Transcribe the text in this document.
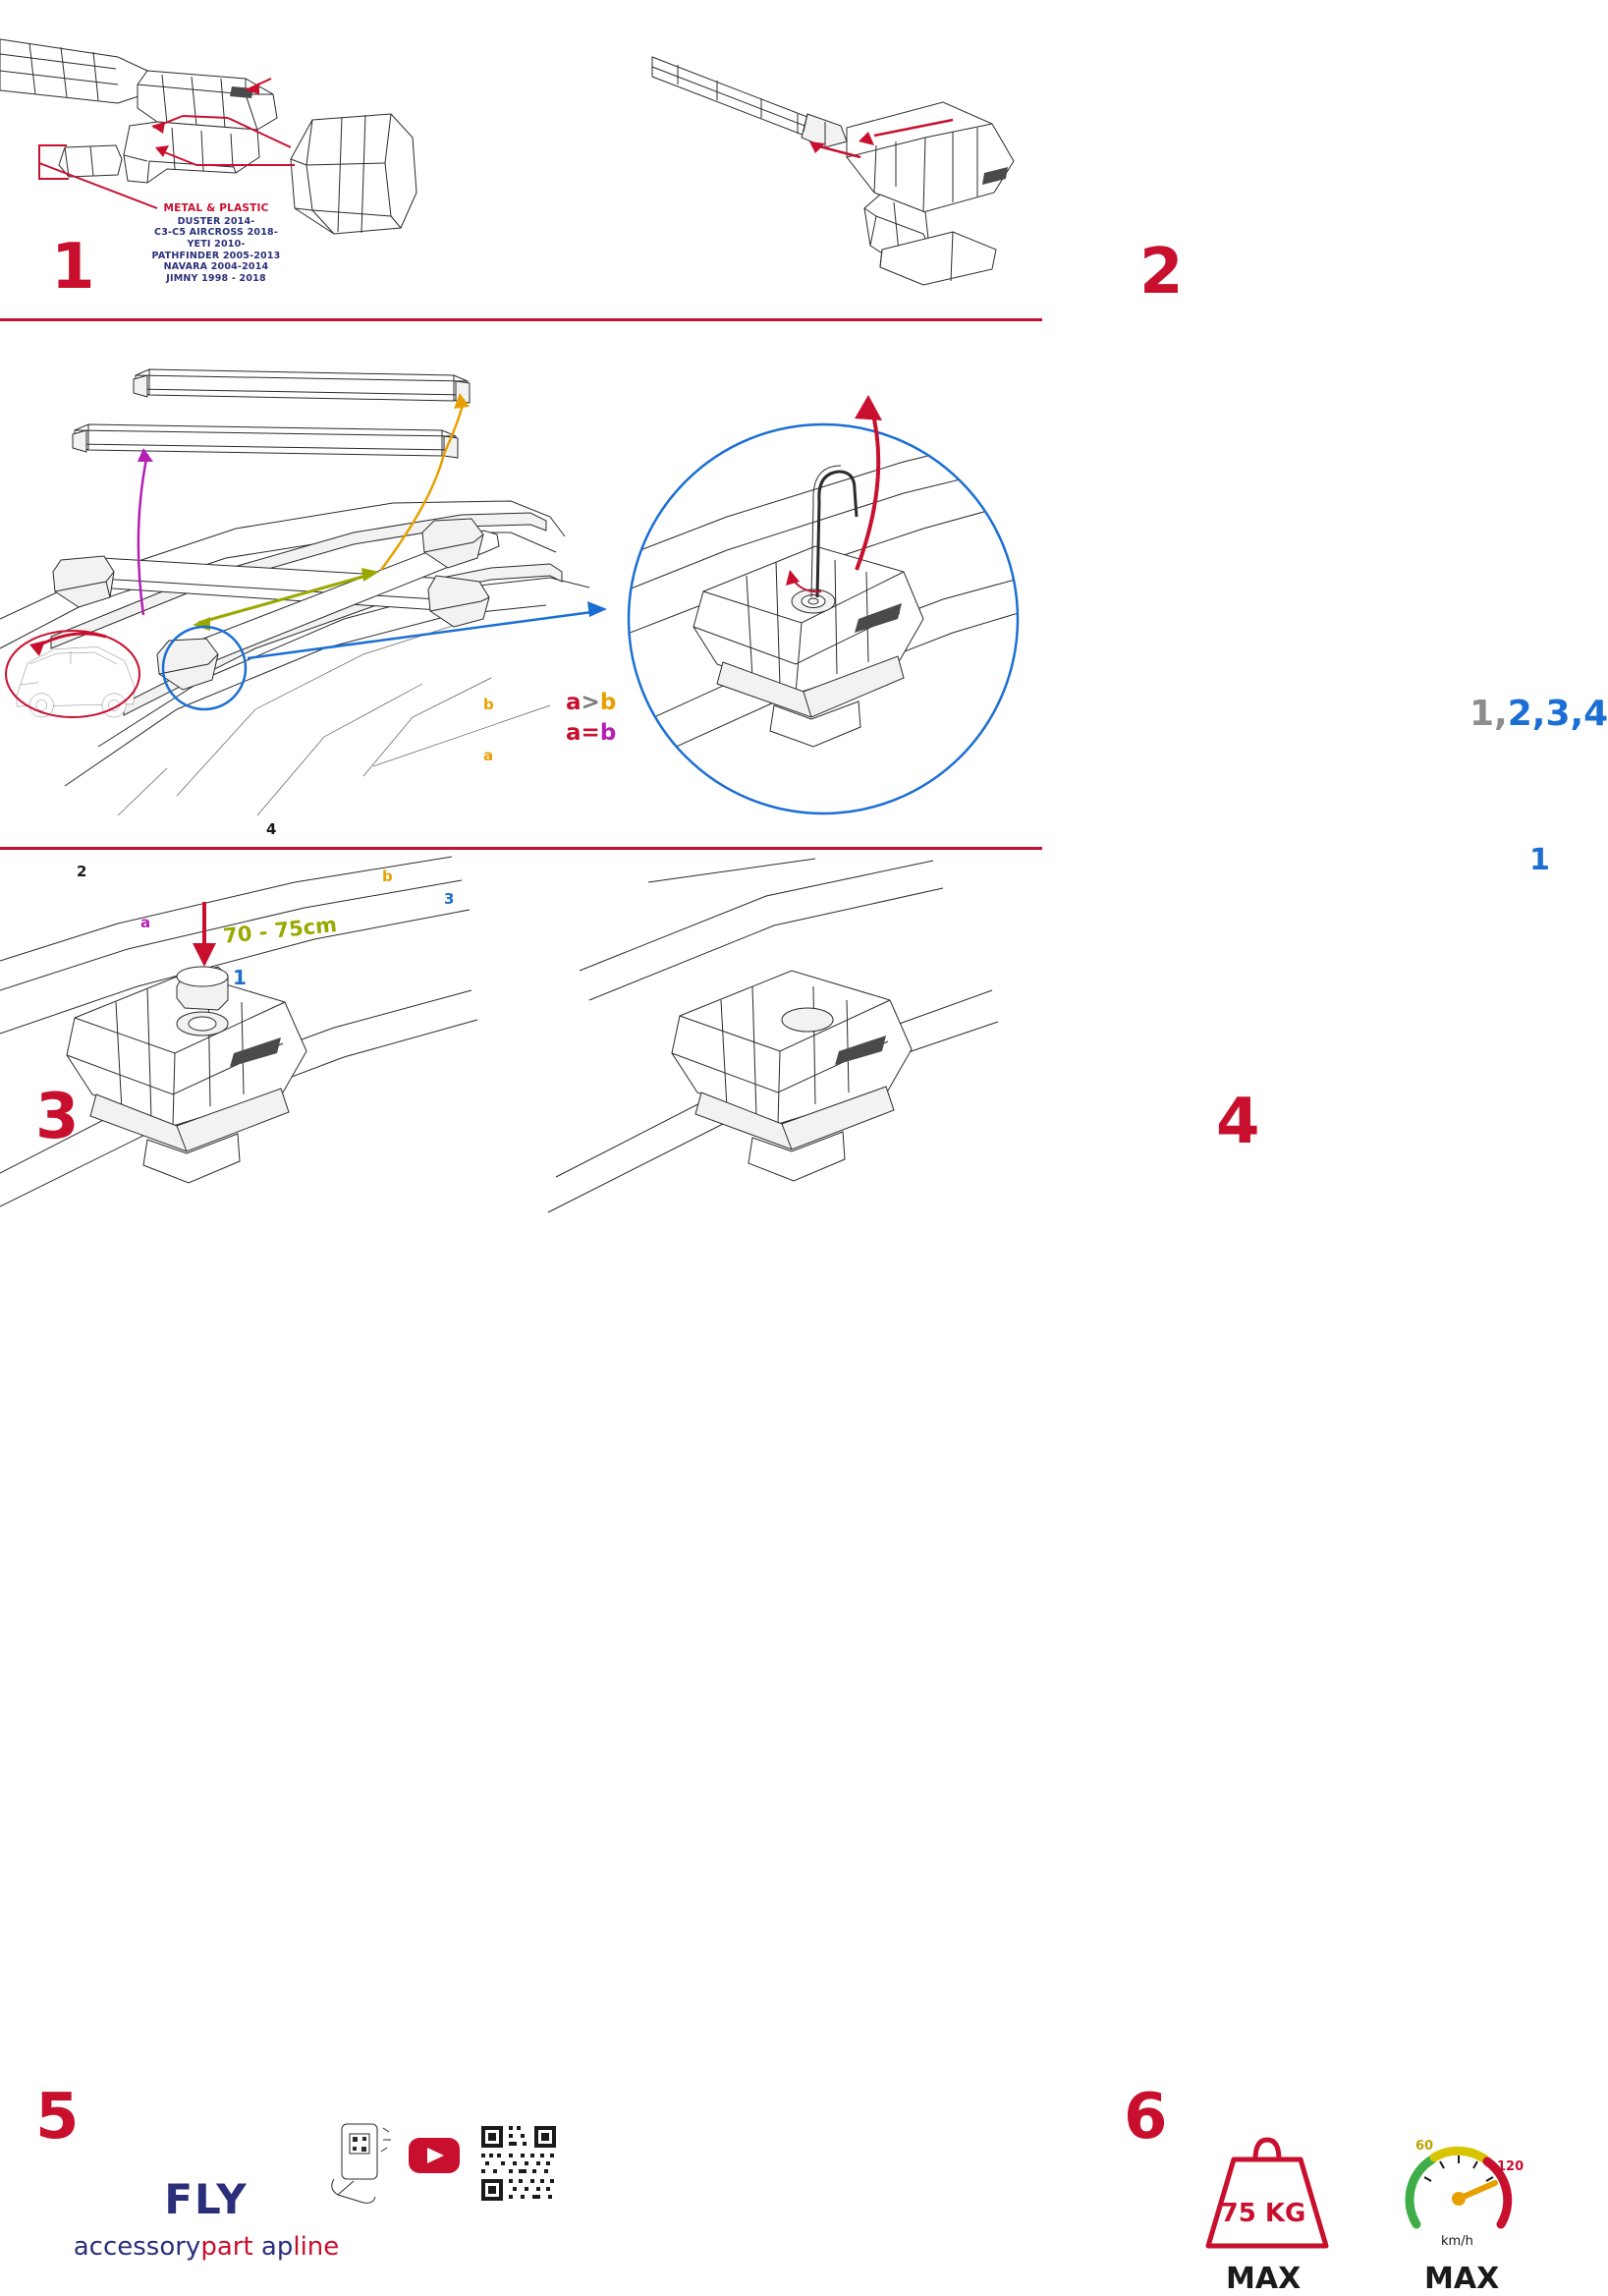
1
METAL & PLASTIC
DUSTER 2014-
C3-C5 AIRCROSS 2018-
YETI 2010-
PATHFINDER 2005-2013
NAVARA 2004-2014
JIMNY 1998 - 2018	2
3
a>b
a=b
70 - 75cm
b
a
b
a
2
3
4
1
4
1,2,3,4
1
5
FLY
accessorypart apline
6
75 KG
MAX
60
120
km/h
MAX
